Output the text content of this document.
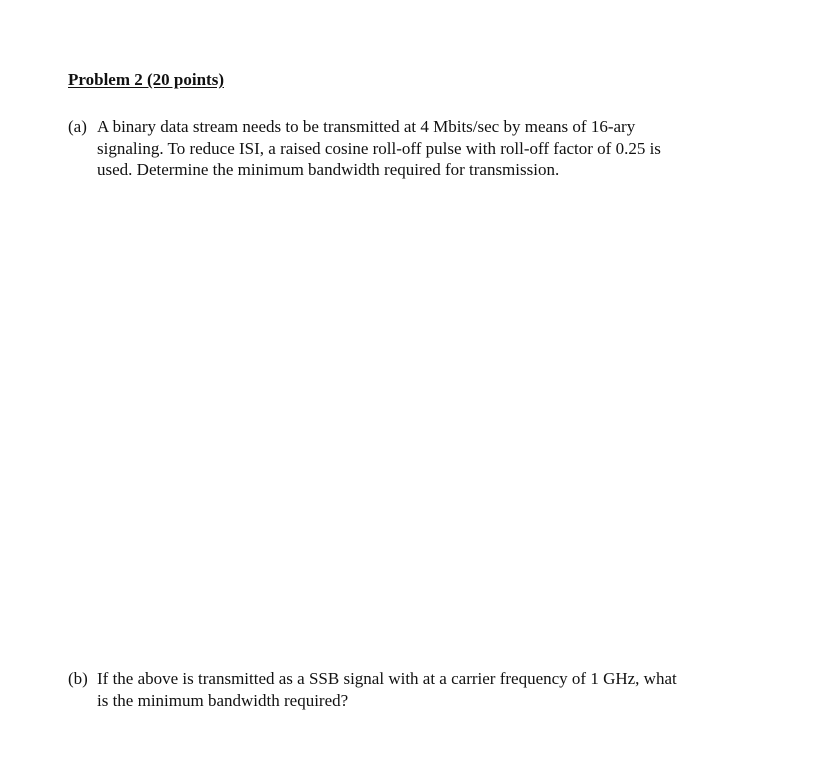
Problem 2 (20 points)
(a) A binary data stream needs to be transmitted at 4 Mbits/sec by means of 16-ary
signaling. To reduce ISI, a raised cosine roll-off pulse with roll-off factor of 0.25 is
used. Determine the minimum bandwidth required for transmission.
(b) If the above is transmitted as a SSB signal with at a carrier frequency of 1 GHz, what
is the minimum bandwidth required?
